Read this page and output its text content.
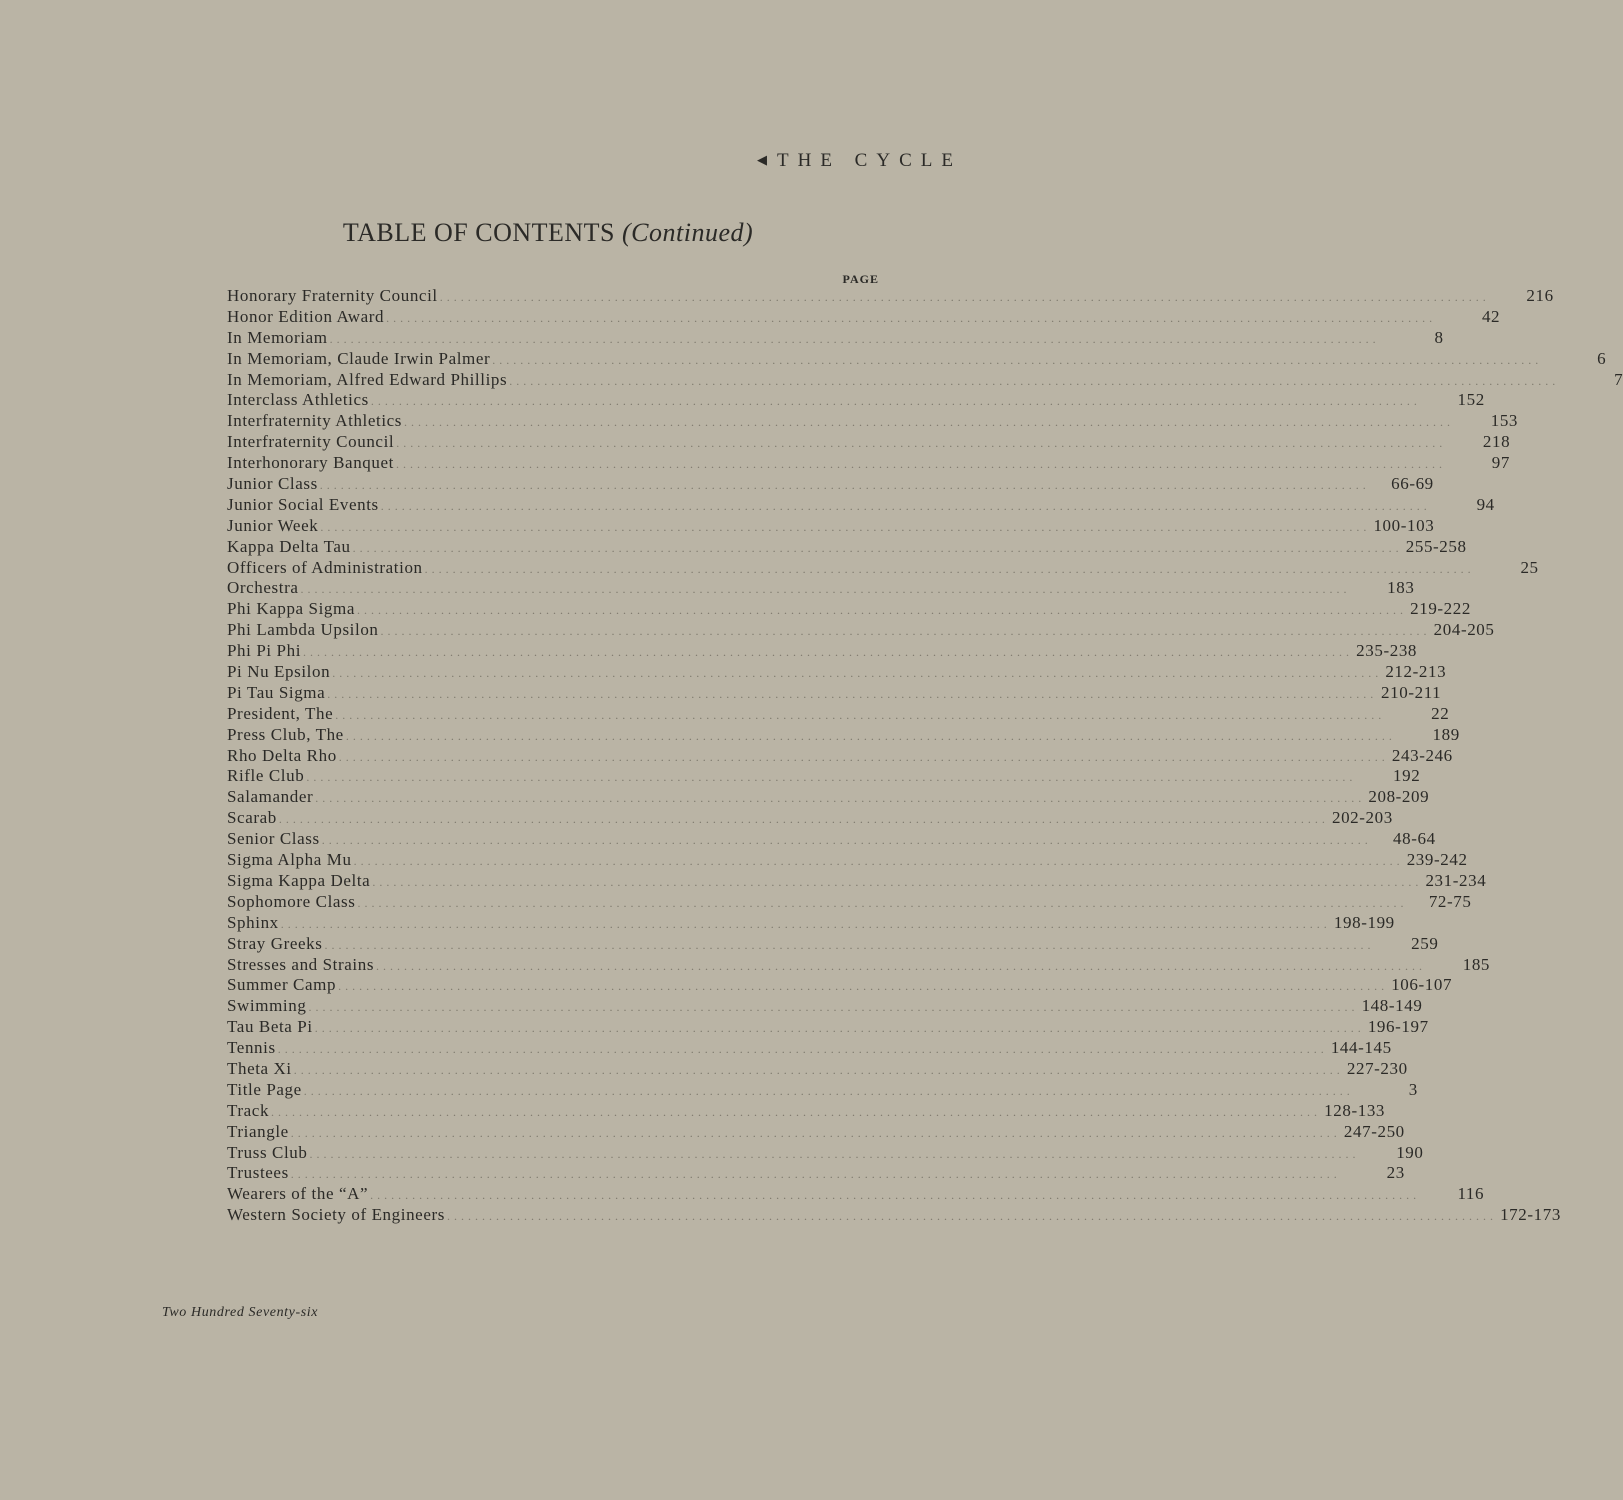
◀ THE CYCLE
TABLE OF CONTENTS (Continued)
PAGE
Honorary Fraternity Council ......................................................................................................................................................	216
Honor Edition Award ......................................................................................................................................................	42
In Memoriam ......................................................................................................................................................	8
In Memoriam, Claude Irwin Palmer ......................................................................................................................................................	6
In Memoriam, Alfred Edward Phillips ......................................................................................................................................................	7
Interclass Athletics ......................................................................................................................................................	152
Interfraternity Athletics ......................................................................................................................................................	153
Interfraternity Council ......................................................................................................................................................	218
Interhonorary Banquet ......................................................................................................................................................	97
Junior Class ......................................................................................................................................................	66-69
Junior Social Events ......................................................................................................................................................	94
Junior Week ...................................................................................................................................................... 100-103
Kappa Delta Tau ...................................................................................................................................................... 255-258
Officers of Administration ......................................................................................................................................................	25
Orchestra ......................................................................................................................................................	183
Phi Kappa Sigma ...................................................................................................................................................... 219-222
Phi Lambda Upsilon ...................................................................................................................................................... 204-205
Phi Pi Phi ...................................................................................................................................................... 235-238
Pi Nu Epsilon ...................................................................................................................................................... 212-213
Pi Tau Sigma ...................................................................................................................................................... 210-211
President, The ......................................................................................................................................................	22
Press Club, The ......................................................................................................................................................	189
Rho Delta Rho ...................................................................................................................................................... 243-246
Rifle Club ......................................................................................................................................................	192
Salamander ...................................................................................................................................................... 208-209
Scarab ...................................................................................................................................................... 202-203
Senior Class ......................................................................................................................................................	48-64
Sigma Alpha Mu ...................................................................................................................................................... 239-242
Sigma Kappa Delta ...................................................................................................................................................... 231-234
Sophomore Class ......................................................................................................................................................	72-75
Sphinx ...................................................................................................................................................... 198-199
Stray Greeks ......................................................................................................................................................	259
Stresses and Strains ......................................................................................................................................................	185
Summer Camp ...................................................................................................................................................... 106-107
Swimming ...................................................................................................................................................... 148-149
Tau Beta Pi ...................................................................................................................................................... 196-197
Tennis ...................................................................................................................................................... 144-145
Theta Xi ...................................................................................................................................................... 227-230
Title Page ......................................................................................................................................................	3
Track ...................................................................................................................................................... 128-133
Triangle ...................................................................................................................................................... 247-250
Truss Club ......................................................................................................................................................	190
Trustees ......................................................................................................................................................	23
Wearers of the “A” ......................................................................................................................................................	116
Western Society of Engineers ...................................................................................................................................................... 172-173
Two Hundred Seventy-six
